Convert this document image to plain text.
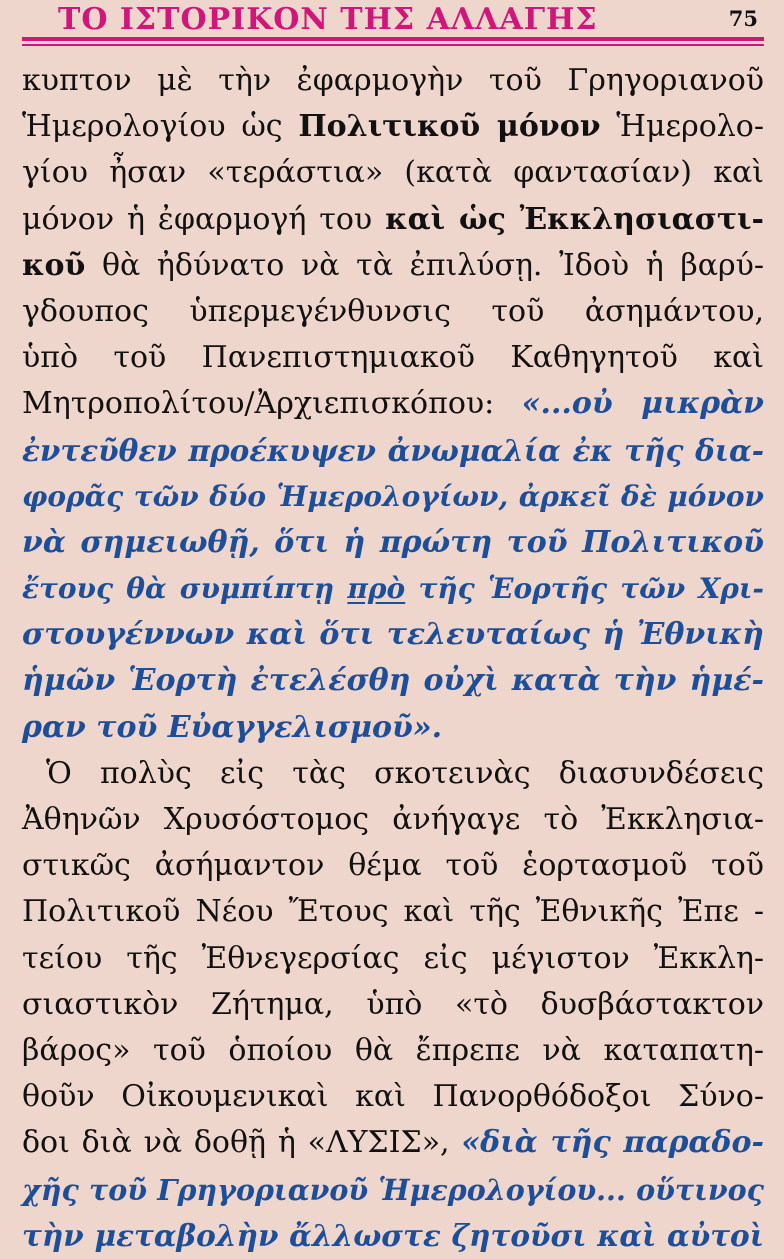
ΤΟ ΙΣΤΟΡΙΚΟΝ ΤΗΣ ΑΛΛΑΓΗΣ	75
κυπτον μὲ τὴν ἐφαρμογὴν τοῦ Γρηγοριανοῦ
Ἡμερολογίου ὡς Πολιτικοῦ μόνον Ἡμερολο-
γίου ἦσαν «τεράστια» (κατὰ φαντασίαν) καὶ
μόνον ἡ ἐφαρμογή του καὶ ὡς Ἐκκλησιαστι-
κοῦ θὰ ἠδύνατο νὰ τὰ ἐπιλύσῃ. Ἰδοὺ ἡ βαρύ-
γδουπος ὑπερμεγένθυνσις τοῦ ἀσημάντου,
ὑπὸ τοῦ Πανεπιστημιακοῦ Καθηγητοῦ καὶ
Μητροπολίτου/Ἀρχιεπισκόπου: «...οὐ μικρὰν
ἐντεῦθεν προέκυψεν ἀνωμαλία ἐκ τῆς δια-
φορᾶς τῶν δύο Ἡμερολογίων, ἀρκεῖ δὲ μόνον
νὰ σημειωθῇ, ὅτι ἡ πρώτη τοῦ Πολιτικοῦ
ἔτους θὰ συμπίπτῃ πρὸ τῆς Ἑορτῆς τῶν Χρι-
στουγέννων καὶ ὅτι τελευταίως ἡ Ἐθνικὴ
ἡμῶν Ἑορτὴ ἐτελέσθη οὐχὶ κατὰ τὴν ἡμέ-
ραν τοῦ Εὐαγγελισμοῦ».
Ὁ πολὺς εἰς τὰς σκοτεινὰς διασυνδέσεις
Ἀθηνῶν Χρυσόστομος ἀνήγαγε τὸ Ἐκκλησια-
στικῶς ἀσήμαντον θέμα τοῦ ἑορτασμοῦ τοῦ
Πολιτικοῦ Νέου Ἔτους καὶ τῆς Ἐθνικῆς Ἐπε -
τείου τῆς Ἐθνεγερσίας εἰς μέγιστον Ἐκκλη-
σιαστικὸν Ζήτημα, ὑπὸ «τὸ δυσβάστακτον
βάρος» τοῦ ὁποίου θὰ ἔπρεπε νὰ καταπατη-
θοῦν Οἰκουμενικαὶ καὶ Πανορθόδοξοι Σύνο-
δοι διὰ νὰ δοθῇ ἡ «ΛΥΣΙΣ», «διὰ τῆς παραδο-
χῆς τοῦ Γρηγοριανοῦ Ἡμερολογίου... οὕτινος
τὴν μεταβολὴν ἄλλωστε ζητοῦσι καὶ αὐτοὶ
